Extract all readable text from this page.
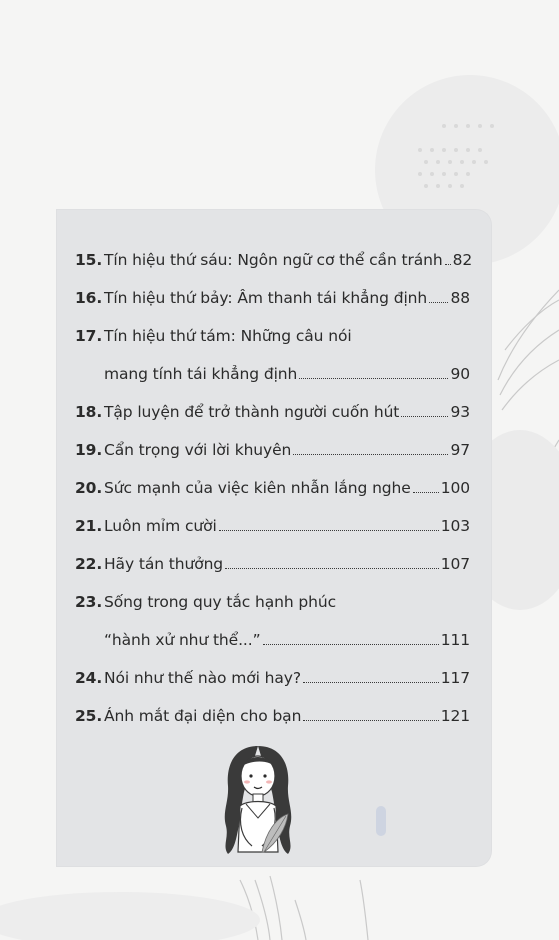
15. Tín hiệu thứ sáu: Ngôn ngữ cơ thể cần tránh 82
16. Tín hiệu thứ bảy: Âm thanh tái khẳng định 88
17. Tín hiệu thứ tám: Những câu nói
mang tính tái khẳng định	90
18. Tập luyện để trở thành người cuốn hút	93
19. Cẩn trọng với lời khuyên	97
20. Sức mạnh của việc kiên nhẫn lắng nghe 100
21. Luôn mỉm cười	103
22. Hãy tán thưởng	107
23. Sống trong quy tắc hạnh phúc
“hành xử như thể...”	111
24. Nói như thế nào mới hay?	117
25. Ánh mắt đại diện cho bạn	121
